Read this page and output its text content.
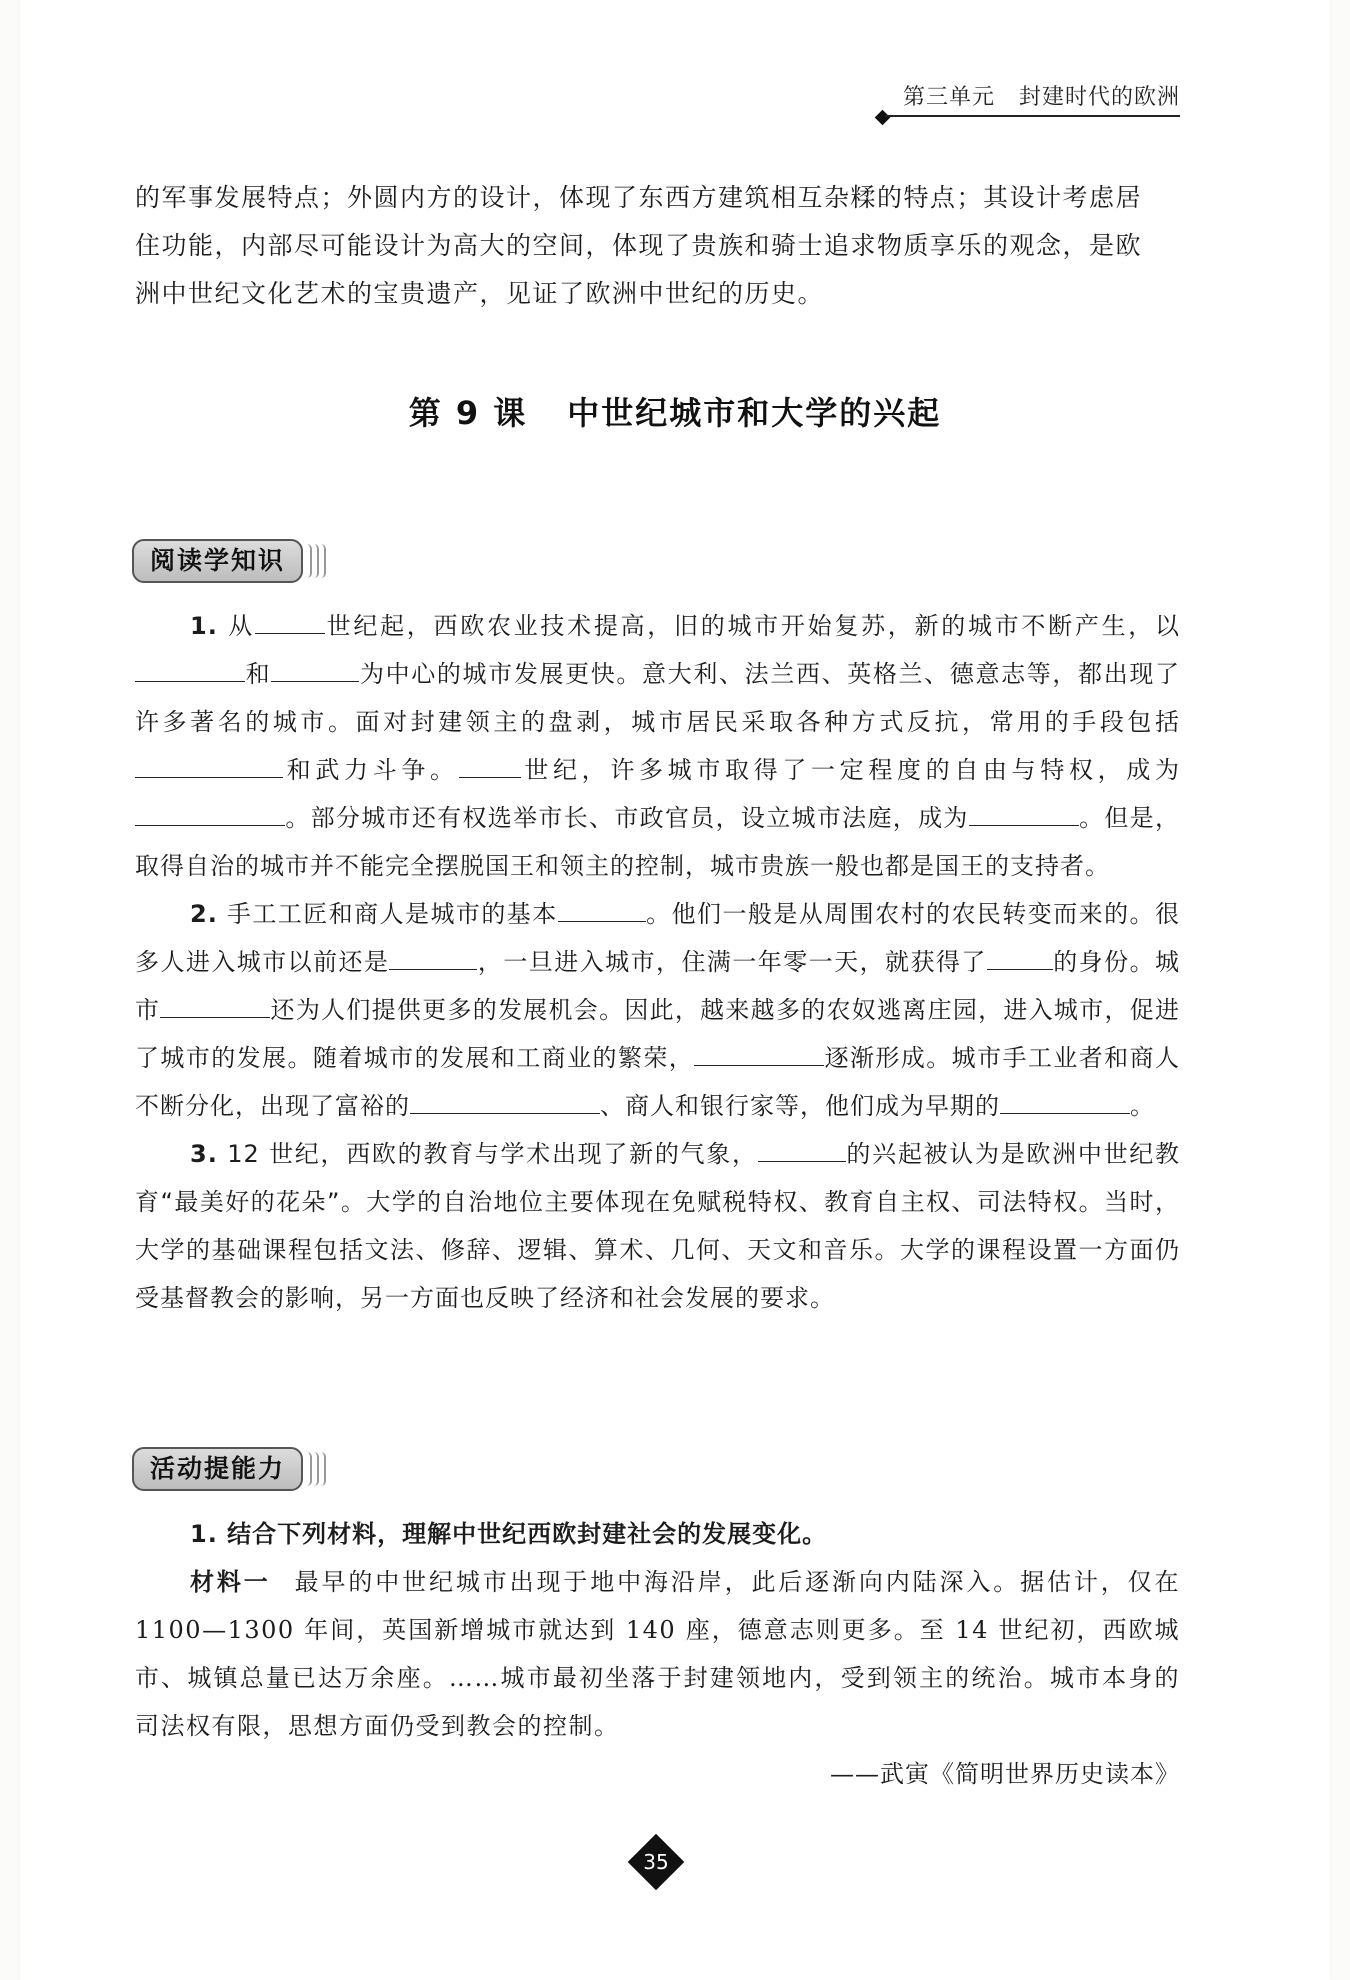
第三单元 封建时代的欧洲

的军事发展特点；外圆内方的设计，体现了东西方建筑相互杂糅的特点；其设计考虑居

住功能，内部尽可能设计为高大的空间，体现了贵族和骑士追求物质享乐的观念，是欧

洲中世纪文化艺术的宝贵遗产，见证了欧洲中世纪的历史。

第 9 课 中世纪城市和大学的兴起
阅读学知识

1. 从	世纪起，西欧农业技术提高，旧的城市开始复苏，新的城市不断产生，以和	为中心的城市发展更快。意大利、法兰西、英格兰、德意志等，都出现了许多著名的城市。面对封建领主的盘剥，城市居民采取各种方式反抗，常用的手段包括和武力斗争。	世纪，许多城市取得了一定程度的自由与特权，成为。部分城市还有权选举市长、市政官员，设立城市法庭，成为	。但是，取得自治的城市并不能完全摆脱国王和领主的控制，城市贵族一般也都是国王的支持者。

2. 手工工匠和商人是城市的基本	。他们一般是从周围农村的农民转变而来的。很多人进入城市以前还是	，一旦进入城市，住满一年零一天，就获得了	的身份。城市	还为人们提供更多的发展机会。因此，越来越多的农奴逃离庄园，进入城市，促进了城市的发展。随着城市的发展和工商业的繁荣，	逐渐形成。城市手工业者和商人不断分化，出现了富裕的	、商人和银行家等，他们成为早期的	。

3. 12 世纪，西欧的教育与学术出现了新的气象，	的兴起被认为是欧洲中世纪教育“最美好的花朵”。大学的自治地位主要体现在免赋税特权、教育自主权、司法特权。当时，大学的基础课程包括文法、修辞、逻辑、算术、几何、天文和音乐。大学的课程设置一方面仍受基督教会的影响，另一方面也反映了经济和社会发展的要求。

活动提能力

1. 结合下列材料，理解中世纪西欧封建社会的发展变化。

材料一 最早的中世纪城市出现于地中海沿岸，此后逐渐向内陆深入。据估计，仅在 1100—1300 年间，英国新增城市就达到 140 座，德意志则更多。至 14 世纪初，西欧城市、城镇总量已达万余座。……城市最初坐落于封建领地内，受到领主的统治。城市本身的司法权有限，思想方面仍受到教会的控制。

——武寅《简明世界历史读本》

35
